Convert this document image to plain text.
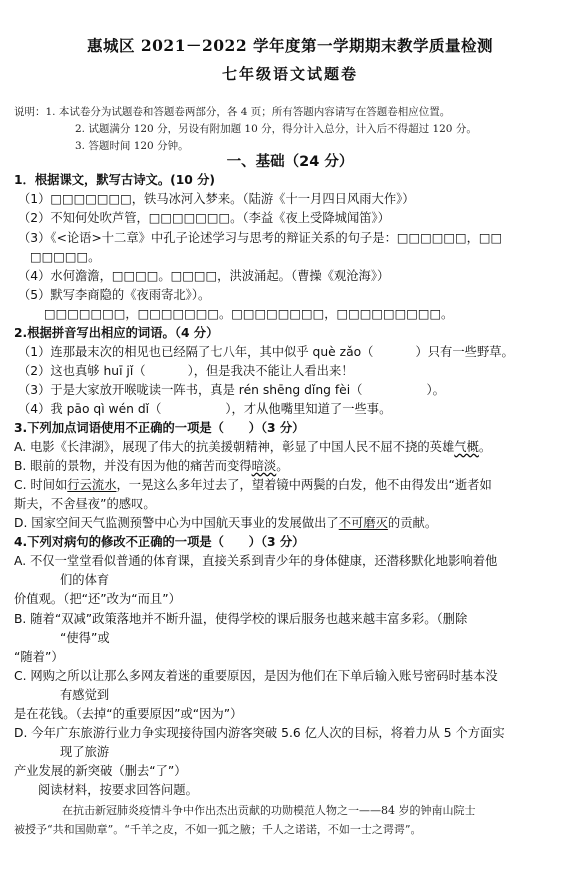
惠城区 2021－2022 学年度第一学期期末教学质量检测
七年级语文试题卷
说明：1. 本试卷分为试题卷和答题卷两部分，各 4 页；所有答题内容请写在答题卷相应位置。
2. 试题满分 120 分，另设有附加题 10 分，得分计入总分，计入后不得超过 120 分。
3. 答题时间 120 分钟。
一、基础（24 分）
1．根据课文，默写古诗文。(10 分)
（1）□□□□□□□，铁马冰河入梦来。（陆游《十一月四日风雨大作》）
（2）不知何处吹芦管，□□□□□□□。（李益《夜上受降城闻笛》）
（3）《<论语>十二章》中孔子论述学习与思考的辩证关系的句子是：□□□□□□，□□
□□□□□。
（4）水何澹澹，□□□□。□□□□，洪波涌起。（曹操《观沧海》）
（5）默写李商隐的《夜雨寄北》）。
□□□□□□□，□□□□□□□。□□□□□□□□，□□□□□□□□□。
2.根据拼音写出相应的词语。（4 分）
（1）连那最末次的相见也已经隔了七八年，其中似乎 què zǎo（	）只有一些野草。
（2）这也真够 huī jǐ（	），但是我决不能让人看出来！
（3）于是大家放开喉咙读一阵书，真是 rén shēng dǐng fèi（	）。
（4）我 pāo qì wén dǐ（	），才从他嘴里知道了一些事。
3.下列加点词语使用不正确的一项是（　　）（3 分）
A. 电影《长津湖》，展现了伟大的抗美援朝精神，彰显了中国人民不屈不挠的英雄气概。
B. 眼前的景物，并没有因为他的痛苦而变得暗淡。
C. 时间如行云流水，一晃这么多年过去了，望着镜中两鬓的白发，他不由得发出“逝者如
斯夫，不舍昼夜”的感叹。
D. 国家空间天气监测预警中心为中国航天事业的发展做出了不可磨灭的贡献。
4.下列对病句的修改不正确的一项是（　　）（3 分）
A. 不仅一堂堂看似普通的体育课，直接关系到青少年的身体健康，还潜移默化地影响着他
们的体育
价值观。（把“还”改为“而且”）
B. 随着“双减”政策落地并不断升温，使得学校的课后服务也越来越丰富多彩。（删除
“使得”或
“随着”）
C. 网购之所以让那么多网友着迷的重要原因，是因为他们在下单后输入账号密码时基本没
有感觉到
是在花钱。（去掉“的重要原因”或“因为”）
D. 今年广东旅游行业力争实现接待国内游客突破 5.6 亿人次的目标，将着力从 5 个方面实
现了旅游
产业发展的新突破（删去“了”）
阅读材料，按要求回答问题。
在抗击新冠肺炎疫情斗争中作出杰出贡献的功勋模范人物之一——84 岁的钟南山院士
被授予“共和国勋章”。“千羊之皮，不如一狐之腋；千人之诺诺，不如一士之谔谔”。
